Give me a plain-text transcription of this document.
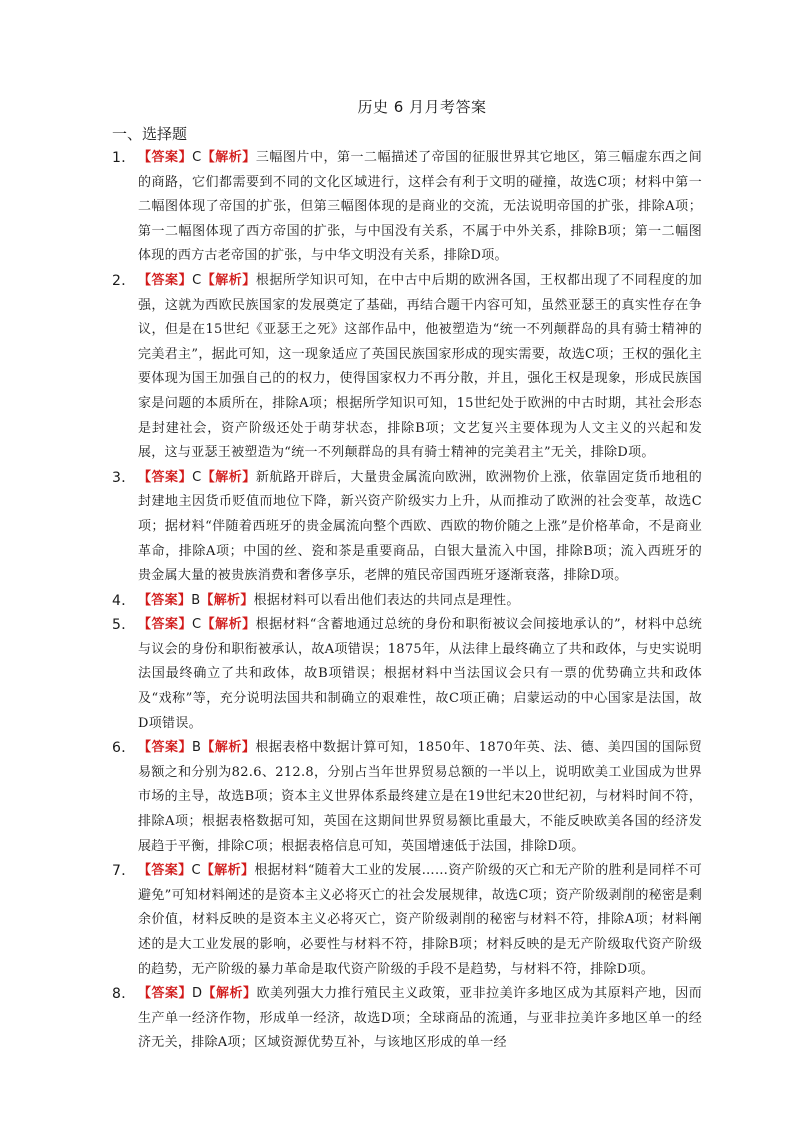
历史 6 月月考答案
一、选择题
1． 【答案】C【解析】三幅图片中，第一二幅描述了帝国的征服世界其它地区，第三幅虚东西之间的商路，它们都需要到不同的文化区域进行，这样会有利于文明的碰撞，故选C项；材料中第一二幅图体现了帝国的扩张，但第三幅图体现的是商业的交流，无法说明帝国的扩张，排除A项；第一二幅图体现了西方帝国的扩张，与中国没有关系，不属于中外关系，排除B项；第一二幅图体现的西方古老帝国的扩张，与中华文明没有关系，排除D项。
2． 【答案】C【解析】根据所学知识可知，在中古中后期的欧洲各国，王权都出现了不同程度的加强，这就为西欧民族国家的发展奠定了基础，再结合题干内容可知，虽然亚瑟王的真实性存在争议，但是在15世纪《亚瑟王之死》这部作品中，他被塑造为“统一不列颠群岛的具有骑士精神的完美君主”，据此可知，这一现象适应了英国民族国家形成的现实需要，故选C项；王权的强化主要体现为国王加强自己的的权力，使得国家权力不再分散，并且，强化王权是现象，形成民族国家是问题的本质所在，排除A项；根据所学知识可知，15世纪处于欧洲的中古时期，其社会形态是封建社会，资产阶级还处于萌芽状态，排除B项；文艺复兴主要体现为人文主义的兴起和发展，这与亚瑟王被塑造为“统一不列颠群岛的具有骑士精神的完美君主”无关，排除D项。
3． 【答案】C【解析】新航路开辟后，大量贵金属流向欧洲，欧洲物价上涨，依靠固定货币地租的封建地主因货币贬值而地位下降，新兴资产阶级实力上升，从而推动了欧洲的社会变革，故选C项；据材料“伴随着西班牙的贵金属流向整个西欧、西欧的物价随之上涨”是价格革命，不是商业革命，排除A项；中国的丝、瓷和茶是重要商品，白银大量流入中国，排除B项；流入西班牙的贵金属大量的被贵族消费和奢侈享乐，老牌的殖民帝国西班牙逐渐衰落，排除D项。
4． 【答案】B【解析】根据材料可以看出他们表达的共同点是理性。
5． 【答案】C【解析】根据材料“含蓄地通过总统的身份和职衔被议会间接地承认的”，材料中总统与议会的身份和职衔被承认，故A项错误；1875年，从法律上最终确立了共和政体，与史实说明法国最终确立了共和政体，故B项错误；根据材料中当法国议会只有一票的优势确立共和政体及“戏称”等，充分说明法国共和制确立的艰难性，故C项正确；启蒙运动的中心国家是法国，故D项错误。
6． 【答案】B【解析】根据表格中数据计算可知，1850年、1870年英、法、德、美四国的国际贸易额之和分别为82.6、212.8，分别占当年世界贸易总额的一半以上，说明欧美工业国成为世界市场的主导，故选B项；资本主义世界体系最终建立是在19世纪末20世纪初，与材料时间不符，排除A项；根据表格数据可知，英国在这期间世界贸易额比重最大，不能反映欧美各国的经济发展趋于平衡，排除C项；根据表格信息可知，英国增速低于法国，排除D项。
7． 【答案】C【解析】根据材料“随着大工业的发展……资产阶级的灭亡和无产阶的胜利是同样不可避免”可知材料阐述的是资本主义必将灭亡的社会发展规律，故选C项；资产阶级剥削的秘密是剩余价值，材料反映的是资本主义必将灭亡，资产阶级剥削的秘密与材料不符，排除A项；材料阐述的是大工业发展的影响，必要性与材料不符，排除B项；材料反映的是无产阶级取代资产阶级的趋势，无产阶级的暴力革命是取代资产阶级的手段不是趋势，与材料不符，排除D项。
8． 【答案】D【解析】欧美列强大力推行殖民主义政策，亚非拉美许多地区成为其原料产地，因而生产单一经济作物，形成单一经济，故选D项；全球商品的流通，与亚非拉美许多地区单一的经济无关，排除A项；区域资源优势互补，与该地区形成的单一经
